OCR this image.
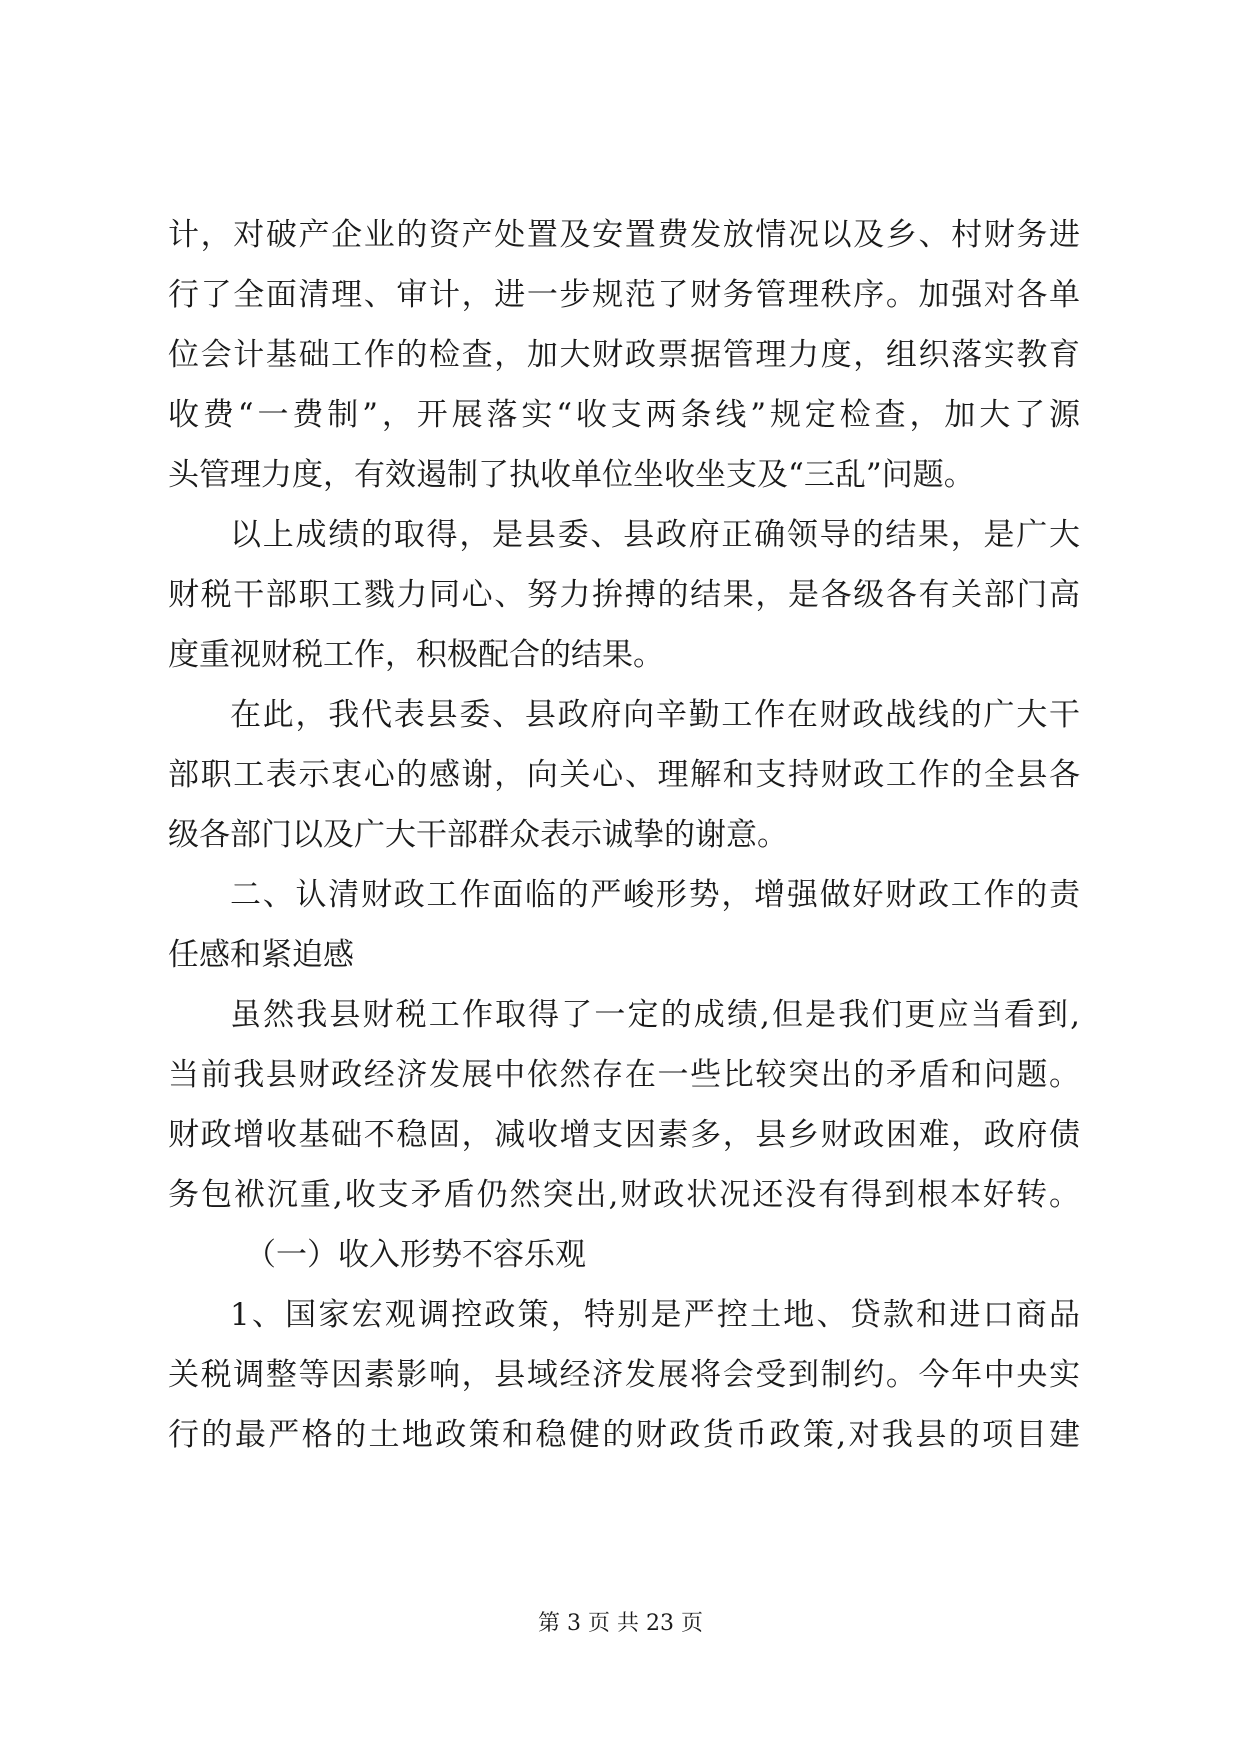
计，对破产企业的资产处置及安置费发放情况以及乡、村财务进
行了全面清理、审计，进一步规范了财务管理秩序。加强对各单
位会计基础工作的检查，加大财政票据管理力度，组织落实教育
收费“一费制”，开展落实“收支两条线”规定检查，加大了源
头管理力度，有效遏制了执收单位坐收坐支及“三乱”问题。
以上成绩的取得，是县委、县政府正确领导的结果，是广大
财税干部职工戮力同心、努力拚搏的结果，是各级各有关部门高
度重视财税工作，积极配合的结果。
在此，我代表县委、县政府向辛勤工作在财政战线的广大干
部职工表示衷心的感谢，向关心、理解和支持财政工作的全县各
级各部门以及广大干部群众表示诚挚的谢意。
二、认清财政工作面临的严峻形势，增强做好财政工作的责
任感和紧迫感
虽然我县财税工作取得了一定的成绩,但是我们更应当看到,
当前我县财政经济发展中依然存在一些比较突出的矛盾和问题。
财政增收基础不稳固，减收增支因素多，县乡财政困难，政府债
务包袱沉重,收支矛盾仍然突出,财政状况还没有得到根本好转。
（一）收入形势不容乐观
1、国家宏观调控政策，特别是严控土地、贷款和进口商品
关税调整等因素影响，县域经济发展将会受到制约。今年中央实
行的最严格的土地政策和稳健的财政货币政策,对我县的项目建
第 3 页 共 23 页
